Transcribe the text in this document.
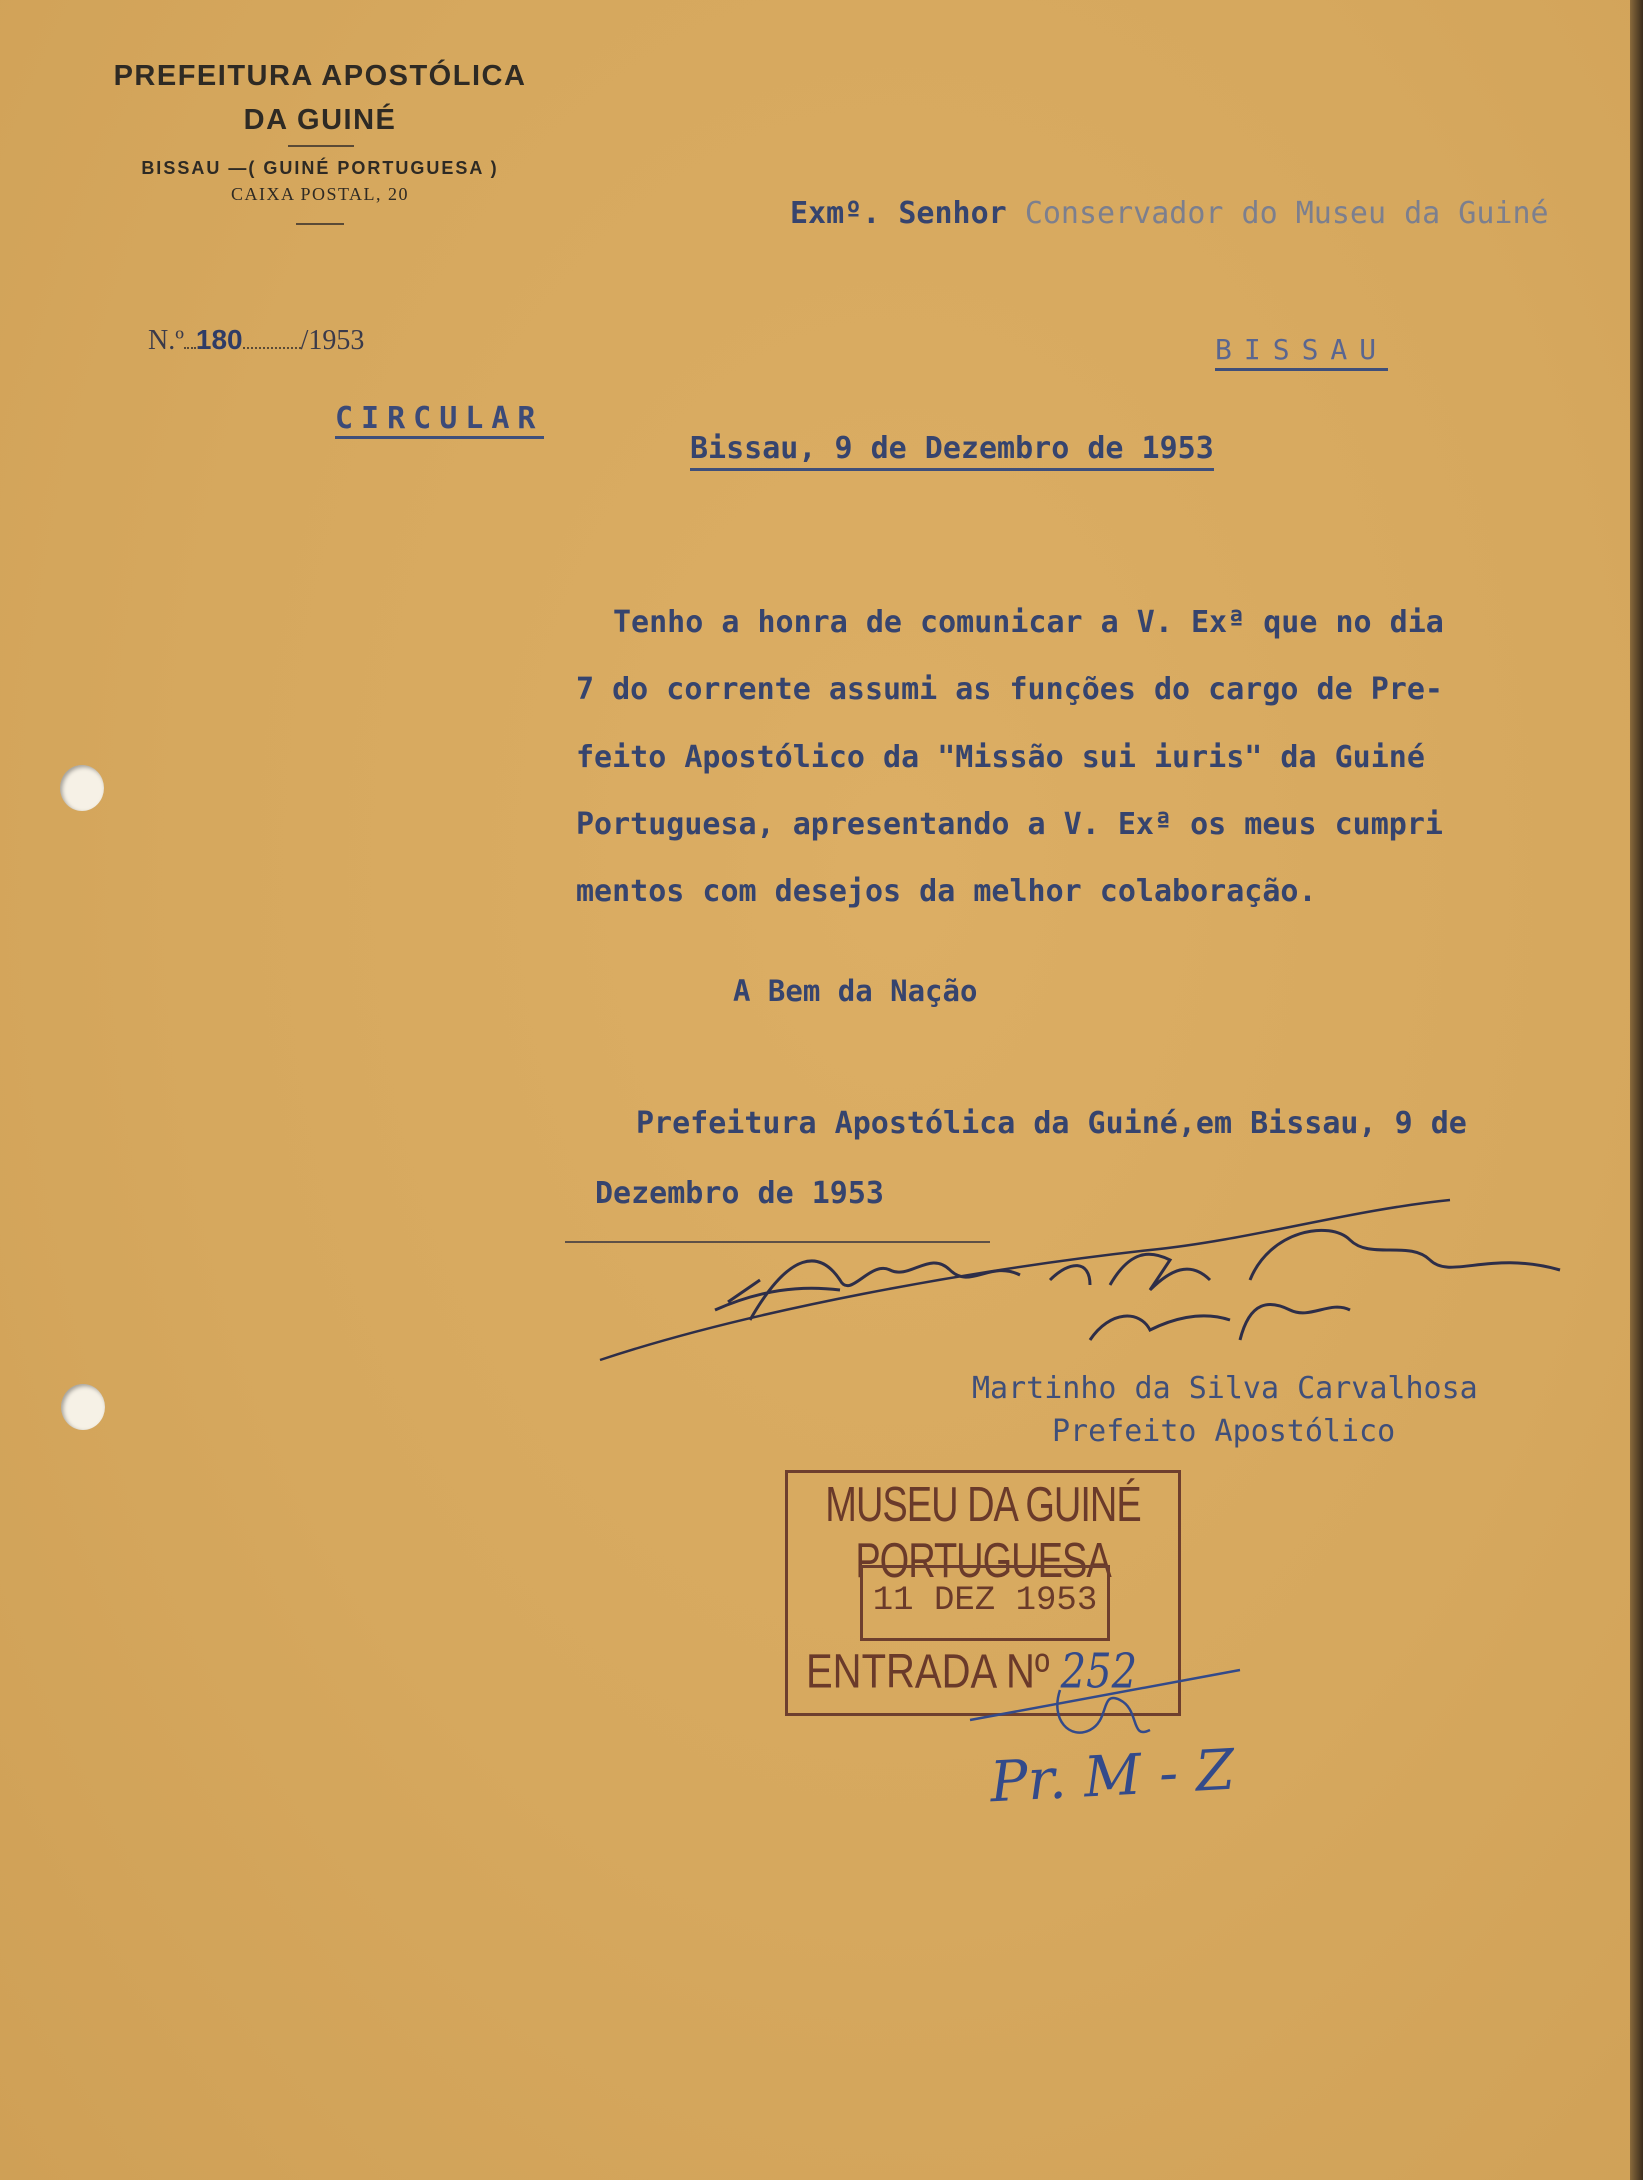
PREFEITURA APOSTÓLICA
DA GUINÉ
BISSAU —( GUINÉ PORTUGUESA )
CAIXA POSTAL, 20
Exmº. Senhor Conservador do Museu da Guiné
N.º 180 /1953	BISSAU
CIRCULAR
Bissau, 9 de Dezembro de 1953
Tenho a honra de comunicar a V. Exª que no dia
7 do corrente assumi as funções do cargo de Pre-
feito Apostólico da "Missão sui iuris" da Guiné
Portuguesa, apresentando a V. Exª os meus cumpri
mentos com desejos da melhor colaboração.
A Bem da Nação
Prefeitura Apostólica da Guiné,em Bissau, 9 de
Dezembro de 1953
Martinho da Silva Carvalhosa
Prefeito Apostólico
MUSEU DA GUINÉ PORTUGUESA
11 DEZ 1953
ENTRADA Nº 252
Pr. M - Z
